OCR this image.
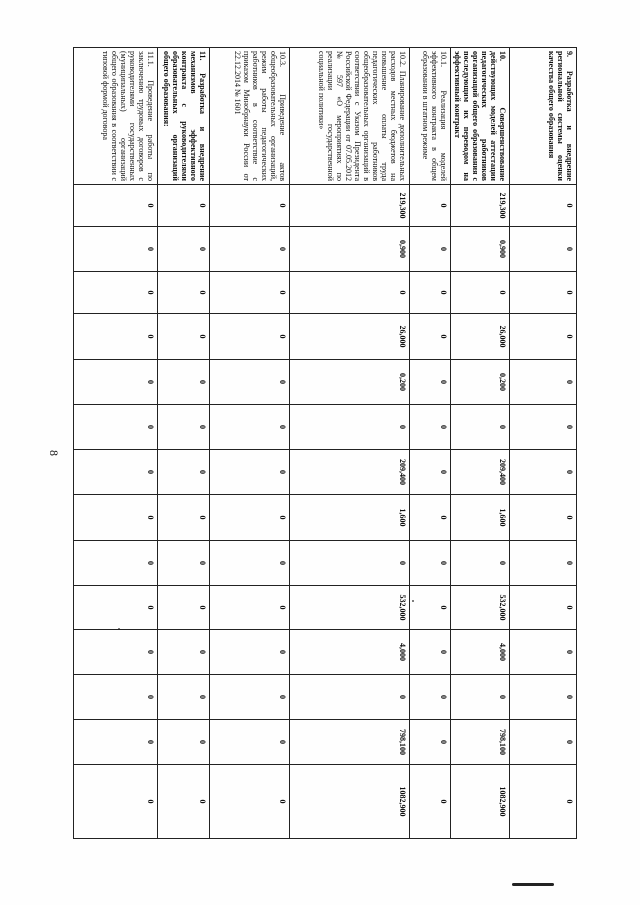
8
9. Разработка и внедрение региональной системы оценки качества общего образования	0	0	0	0	0	0	0	0	0	0	0	0	0	0
10. Совершенствование действующих моделей аттестации педагогических работников организаций общего образования с последующим их переводом на эффективный контракт	219,300	0,900	0	26,000	0,200	0	209,400	1,600	0	532,000	4,000	0	798,100	1082,900
10.1. Реализация моделей эффективного контракта в общем образовании в штатном режиме	0	0	0	0	0	0	0	0	0	0	0	0	0	0
10.2. Планирование дополнительных расходов местных бюджетов на повышение оплаты труда педагогических работников общеобразовательных организаций в соответствии с Указом Президента Российской Федерации от 07.05.2012 № 597 «О мероприятиях по реализации государственной социальной политики»	219,300	0,900	0	26,000	0,200	0	209,400	1,600	0	532,000	4,000	0	798,100	1082,900
10.3. Приведение актов общеобразовательных организаций, режим работы педагогических работников в соответствие с приказом Минобрнауки России от 22.12.2014 № 1601	0	0	0	0	0	0	0	0	0	0	0	0	0	0
11. Разработка и внедрение механизмов эффективного контракта с руководителями образовательных организаций общего образования:	0	0	0	0	0	0	0	0	0	0	0	0	0	0
11.1. Проведение работы по заключению трудовых договоров с руководителями государственных (муниципальных) организаций общего образования в соответствии с типовой формой договора	0	0	0	0	0	0	0	0	0	0	0	0	0	0
